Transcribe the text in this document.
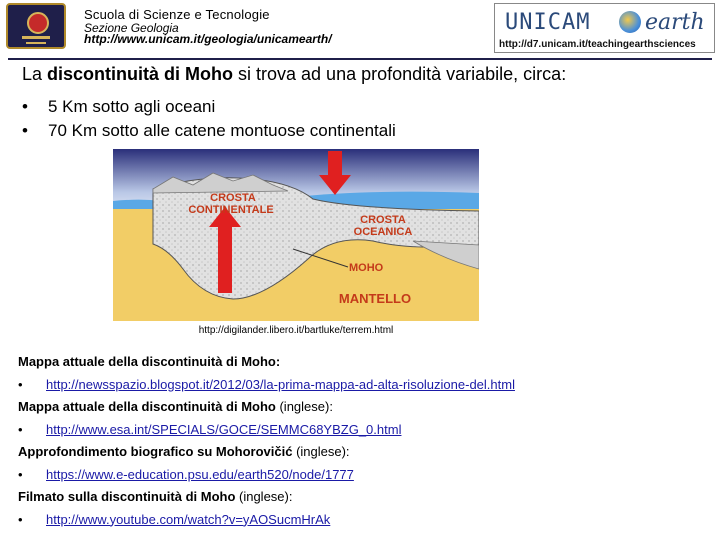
Scuola di Scienze e Tecnologie
Sezione Geologia
http://www.unicam.it/geologia/unicamearth/
UNICAM earth
http://d7.unicam.it/teachingearthsciences
La discontinuità di Moho si trova ad una profondità variabile, circa:
• 5 Km sotto agli oceani
• 70 Km sotto alle catene montuose continentali
CROSTA
CONTINENTALE
CROSTA
OCEANICA
MOHO
MANTELLO
http://digilander.libero.it/bartluke/terrem.html
Mappa attuale della discontinuità di Moho:
• http://newsspazio.blogspot.it/2012/03/la-prima-mappa-ad-alta-risoluzione-del.html
Mappa attuale della discontinuità di Moho (inglese):
• http://www.esa.int/SPECIALS/GOCE/SEMMC68YBZG_0.html
Approfondimento biografico su Mohorovičić (inglese):
• https://www.e-education.psu.edu/earth520/node/1777
Filmato sulla discontinuità di Moho (inglese):
• http://www.youtube.com/watch?v=yAOSucmHrAk
